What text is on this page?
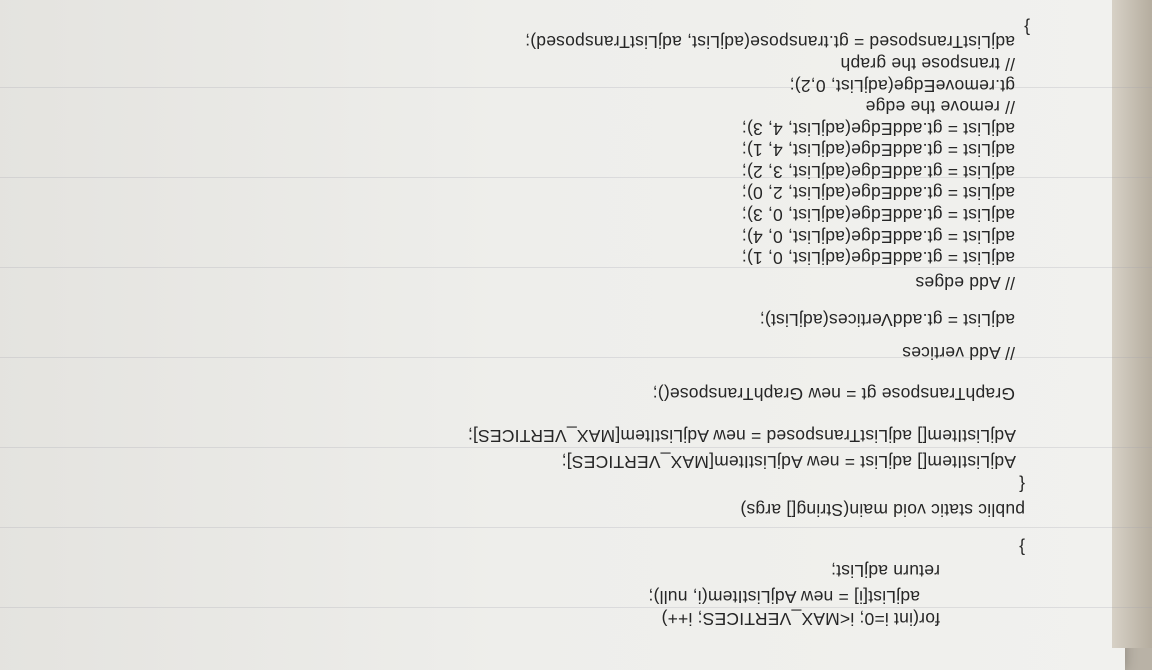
for(int i=0; i<MAX_VERTICES; i++)
adjList[i] = new AdjListItem(i, null);
return adjList;
}
public static void main(String[] args)
{
AdjListItem[] adjList = new AdjListItem[MAX_VERTICES];
AdjListItem[] adjListTransposed = new AdjListItem[MAX_VERTICES];
GraphTranspose gt = new GraphTranspose();
// Add vertices
adjList = gt.addVertices(adjList);
// Add edges
adjList = gt.addEdge(adjList, 0, 1);
adjList = gt.addEdge(adjList, 0, 4);
adjList = gt.addEdge(adjList, 0, 3);
adjList = gt.addEdge(adjList, 2, 0);
adjList = gt.addEdge(adjList, 3, 2);
adjList = gt.addEdge(adjList, 4, 1);
adjList = gt.addEdge(adjList, 4, 3);
// remove the edge
gt.removeEdge(adjList, 0,2);
// transpose the graph
adjListTransposed = gt.transpose(adjList, adjListTransposed);
}
